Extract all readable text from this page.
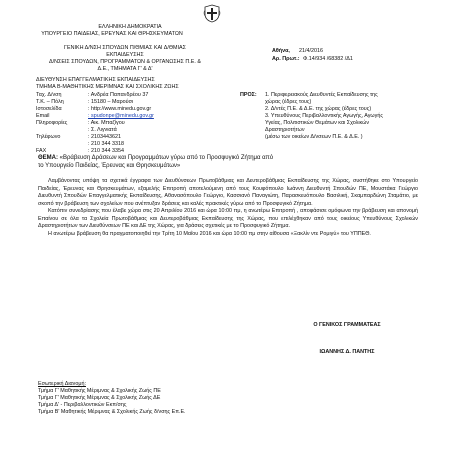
ΕΛΛΗΝΙΚΗ ΔΗΜΟΚΡΑΤΙΑ
ΥΠΟΥΡΓΕΙΟ ΠΑΙΔΕΙΑΣ, ΕΡΕΥΝΑΣ ΚΑΙ ΘΡΗΣΚΕΥΜΑΤΩΝ
ΓΕΝΙΚΗ Δ/ΝΣΗ ΣΠΟΥΔΩΝ Π/ΘΜΙΑΣ ΚΑΙ Δ/ΘΜΙΑΣ
ΕΚΠΑΙΔΕΥΣΗΣ
Δ/ΝΣΕΙΣ ΣΠΟΥΔΩΝ, ΠΡΟΓΡΑΜΜΑΤΩΝ & ΟΡΓΑΝΩΣΗΣ Π.Ε. &
Δ.Ε., ΤΜΗΜΑΤΑ Γ' & Δ'
ΔΙΕΥΘΥΝΣΗ ΕΠΑΓΓΕΛΜΑΤΙΚΗΣ ΕΚΠΑΙΔΕΥΣΗΣ
ΤΜΗΜΑ Β-ΜΑΘΗΤΙΚΗΣ ΜΕΡΙΜΝΑΣ ΚΑΙ ΣΧΟΛΙΚΗΣ ΖΩΗΣ
Αθήνα, 21/4/2016
Αρ. Πρωτ.: Φ.14/934 /68382 /Δ1
Ταχ. Δ/νση	: Ανδρέα Παπανδρέου 37
Τ.Κ. – Πόλη	: 15180 – Μαρούσι
Ιστοσελίδα	: http://www.minedu.gov.gr
Email	: spudonpe@minedu.gov.gr
Πληροφορίες	: Αικ. Μπαζίγου
: Σ. Λιγνιατά
Τηλέφωνο	: 2103443621
: 210 344 3318
FAX	: 210 344 3354
ΠΡΟΣ: 1. Περιφερειακούς Διευθυντές Εκπαίδευσης της
χώρας (έδρες τους)
2. Δ/ντές Π.Ε. & Δ.Ε. της χώρας (έδρες τους)
3. Υπευθύνους Περιβαλλοντικής Αγωγής, Αγωγής
Υγείας, Πολιτιστικών Θεμάτων και Σχολικών
Δραστηριοτήτων
(μέσω των οικείων Δ/νσεων Π.Ε. & Δ.Ε. )
ΘΕΜΑ: «Βράβευση Δράσεων και Προγραμμάτων γύρω από το Προσφυγικό Ζήτημα από
το Υπουργείο Παιδείας, Έρευνας και Θρησκευμάτων»

Λαμβάνοντας υπόψη τα σχετικά έγγραφα των Διευθύνσεων Πρωτοβάθμιας και Δευτεροβάθμιας Εκπαίδευσης της Χώρας, συστήθηκε στο Υπουργείο Παιδείας, Έρευνας και Θρησκευμάτων, εξαμελής Επιτροπή αποτελούμενη από τους Κουφόπουλο Ιωάννη Διευθυντή Σπουδών ΠΕ, Μουστάκα Γεώργιο Διευθυντή Σπουδών Επαγγελματικής Εκπαίδευσης, Αθανασόπουλο Γεώργιο, Κασσιανό Παναγιώτη, Παρασκευόπουλο Βασιλική, Σκαμπαρδώνη Σταμάτιο, με σκοπό την βράβευση των σχολείων που ανέπτυξαν δράσεις και καλές πρακτικές γύρω από το Προσφυγικό Ζήτημα.

Κατόπιν συνεδρίασης που έλαβε χώρα στις 20 Απριλίου 2016 και ώρα 10:00 πμ, η ανωτέρω Επιτροπή , αποφάσισε ομόφωνα την βράβευση και απονομή Επαίνου σε όλα τα Σχολεία Πρωτοβάθμιας και Δευτεροβάθμιας Εκπαίδευσης της Χώρας, που επιλέχθηκαν από τους οικείους Υπευθύνους Σχολικών Δραστηριοτήτων των Διευθύνσεων ΠΕ και ΔΕ της Χώρας, για δράσεις σχετικές με το Προσφυγικό Ζήτημα.

Η ανωτέρω βράβευση θα πραγματοποιηθεί την Τρίτη 10 Μαΐου 2016 και ώρα 10:00 πμ στην αίθουσα «Ξακλίν ντε Ρομιγύ» του ΥΠΠΕΘ.

Ο ΓΕΝΙΚΟΣ ΓΡΑΜΜΑΤΕΑΣ
ΙΩΑΝΝΗΣ Δ. ΠΑΝΤΗΣ
Εσωτερική Διανομή:
Τμήμα Γ' Μαθητικής Μέριμνας & Σχολικής Ζωής ΠΕ
Τμήμα Γ' Μαθητικής Μέριμνας & Σχολικής Ζωής ΔΕ
Τμήμα Δ' - Περιβαλλοντικών Εκπ/σης
Τμήμα Β' Μαθητικής Μέριμνας & Σχολικής Ζωής δ/νσης Επ.Ε.
